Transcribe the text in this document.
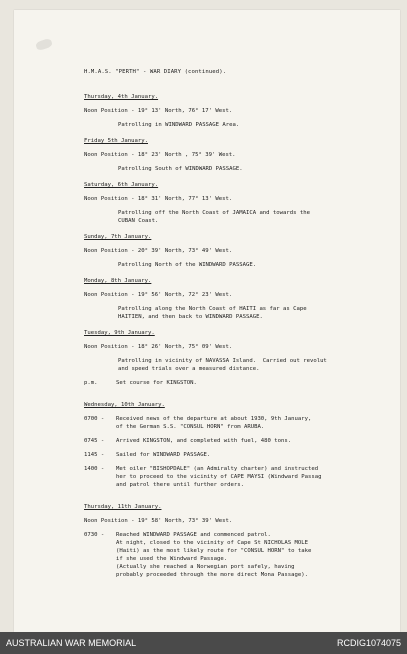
H.M.A.S. "PERTH" - WAR DIARY (continued).
Thursday, 4th January.
Noon Position - 19° 13' North, 76° 17' West.
Patrolling in WINDWARD PASSAGE Area.
Friday 5th January.
Noon Position - 18° 23' North , 75° 39' West.
Patrolling South of WINDWARD PASSAGE.
Saturday, 6th January.
Noon Position - 18° 31' North, 77° 13' West.
Patrolling off the North Coast of JAMAICA and towards the
CUBAN Coast.
Sunday, 7th January.
Noon Position - 20° 39' North, 73° 49' West.
Patrolling North of the WINDWARD PASSAGE.
Monday, 8th January.
Noon Position - 19° 56' North, 72° 23' West.
Patrolling along the North Coast of HAITI as far as Cape
HAITIEN, and then back to WINDWARD PASSAGE.
Tuesday, 9th January.
Noon Position - 18° 26' North, 75° 09' West.
Patrolling in vicinity of NAVASSA Island.  Carried out revolut
and speed trials over a measured distance.
p.m.	Set course for KINGSTON.
Wednesday, 10th January.
0700 -	Received news of the departure at about 1930, 9th January,
of the German S.S. "CONSUL HORN" from ARUBA.
0745 -	Arrived KINGSTON, and completed with fuel, 480 tons.
1145 -	Sailed for WINDWARD PASSAGE.
1400 -	Met oiler "BISHOPDALE" (an Admiralty charter) and instructed
her to proceed to the vicinity of CAPE MAYSI (Windward Passag
and patrol there until further orders.
Thursday, 11th January.
Noon Position - 19° 58' North, 73° 39' West.
0730 -	Reached WINDWARD PASSAGE and commenced patrol.
At night, closed to the vicinity of Cape St NICHOLAS MOLE
(Haiti) as the most likely route for "CONSUL HORN" to take
if she used the Windward Passage.
(Actually she reached a Norwegian port safely, having
probably proceeded through the more direct Mona Passage).
AUSTRALIAN WAR MEMORIAL	RCDIG1074075
